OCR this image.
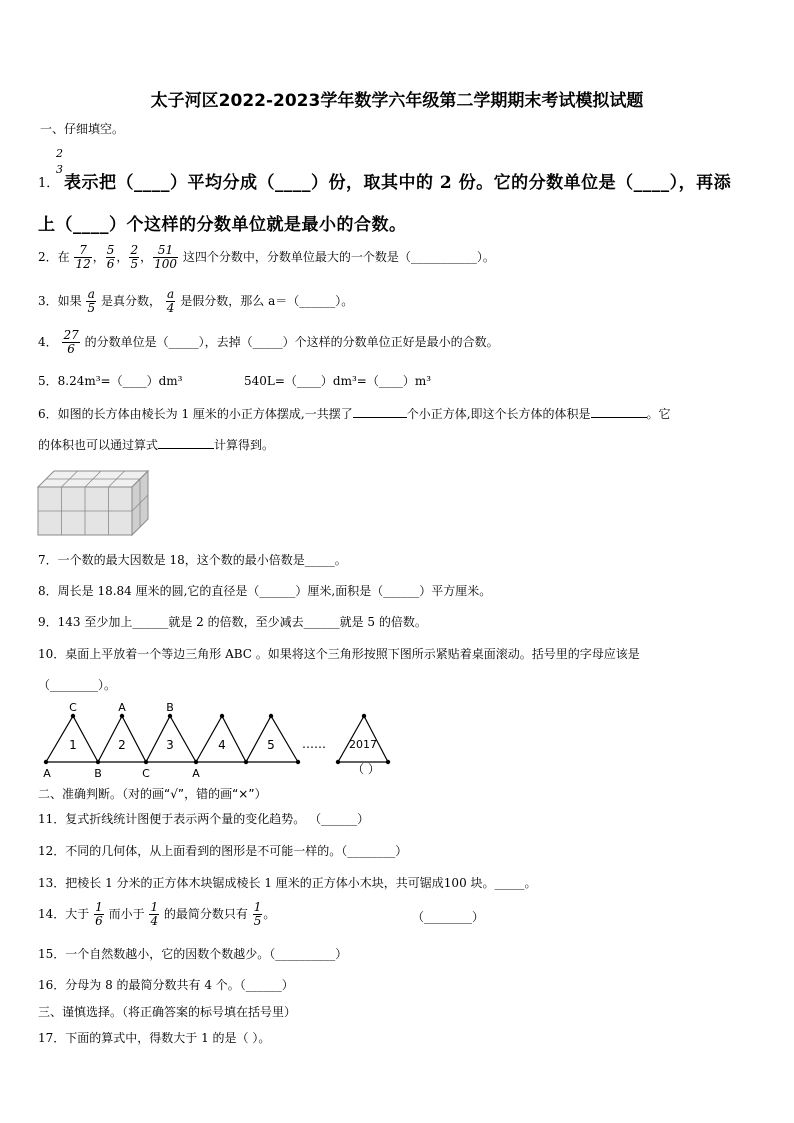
太子河区2022-2023学年数学六年级第二学期期末考试模拟试题
一、仔细填空。
2
3
1． 表示把（____）平均分成（____）份，取其中的 2 份。它的分数单位是（____），再添
上（____）个这样的分数单位就是最小的合数。
2．在 $\frac{7}{12}$ ， $\frac{5}{6}$ ， $\frac{2}{5}$ ， $\frac{51}{100}$ 这四个分数中，分数单位最大的一个数是（___________）。
3．如果 $\frac{a}{5}$ 是真分数， $\frac{a}{4}$ 是假分数，那么 a＝（______）。
4． $\frac{27}{6}$ 的分数单位是（_____），去掉（_____）个这样的分数单位正好是最小的合数。
5．8.24m³=（____）dm³	540L=（____）dm³=（____）m³
6．如图的长方体由棱长为 1 厘米的小正方体摆成,一共摆了	个小正方体,即这个长方体的体积是	。它
的体积也可以通过算式	计算得到。
7．一个数的最大因数是 18，这个数的最小倍数是_____。
8．周长是 18.84 厘米的圆,它的直径是（______）厘米,面积是（______）平方厘米。
9．143 至少加上______就是 2 的倍数，至少减去______就是 5 的倍数。
10．桌面上平放着一个等边三角形 ABC 。如果将这个三角形按照下图所示紧贴着桌面滚动。括号里的字母应该是
（________）。
1	2	3	4	5	2017
C	A	B
A	B	C	A
……
（ ）
二、准确判断。（对的画“√”，错的画“×”）
11．复式折线统计图便于表示两个量的变化趋势。 （______）
12．不同的几何体，从上面看到的图形是不可能一样的。（________）
13．把棱长 1 分米的正方体木块锯成棱长 1 厘米的正方体小木块，共可锯成100 块。_____。
14．大于 $\frac{1}{6}$ 而小于 $\frac{1}{4}$ 的最简分数只有 $\frac{1}{5}$ 。	（________）
15．一个自然数越小，它的因数个数越少。（__________）
16．分母为 8 的最简分数共有 4 个。（______）
三、谨慎选择。（将正确答案的标号填在括号里）
17．下面的算式中，得数大于 1 的是（ ）。
